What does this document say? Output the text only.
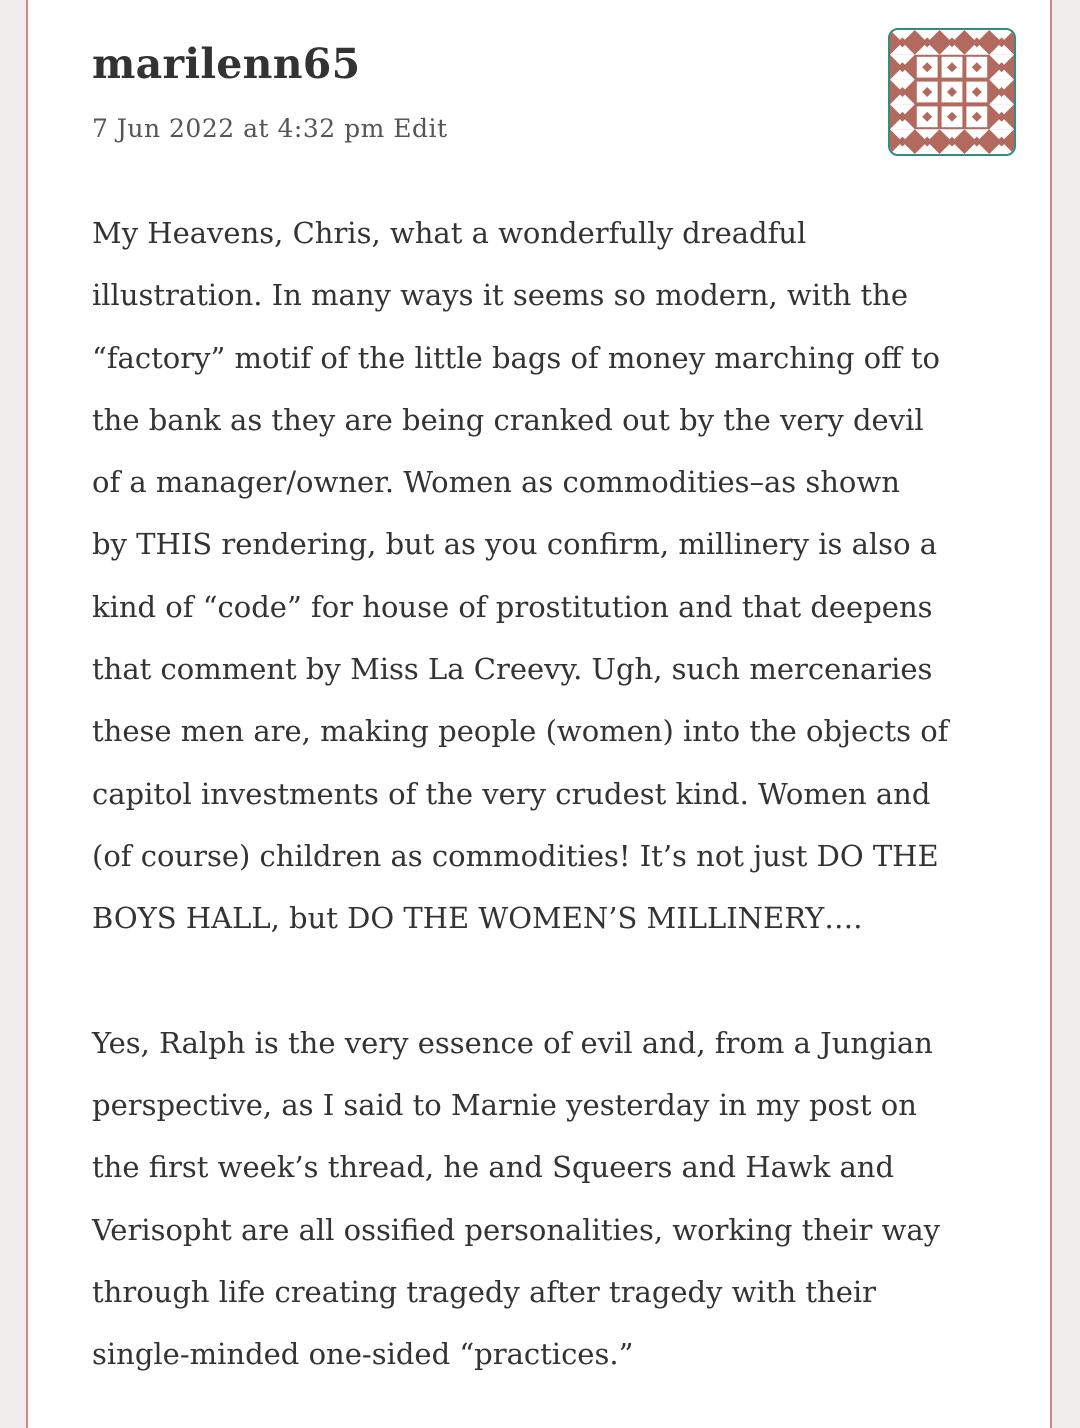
marilenn65
7 Jun 2022 at 4:32 pm Edit

My Heavens, Chris, what a wonderfully dreadful
illustration. In many ways it seems so modern, with the
“factory” motif of the little bags of money marching off to
the bank as they are being cranked out by the very devil
of a manager/owner. Women as commodities–as shown
by THIS rendering, but as you confirm, millinery is also a
kind of “code” for house of prostitution and that deepens
that comment by Miss La Creevy. Ugh, such mercenaries
these men are, making people (women) into the objects of
capitol investments of the very crudest kind. Women and
(of course) children as commodities! It’s not just DO THE
BOYS HALL, but DO THE WOMEN’S MILLINERY….

Yes, Ralph is the very essence of evil and, from a Jungian
perspective, as I said to Marnie yesterday in my post on
the first week’s thread, he and Squeers and Hawk and
Verisopht are all ossified personalities, working their way
through life creating tragedy after tragedy with their
single-minded one-sided “practices.”
